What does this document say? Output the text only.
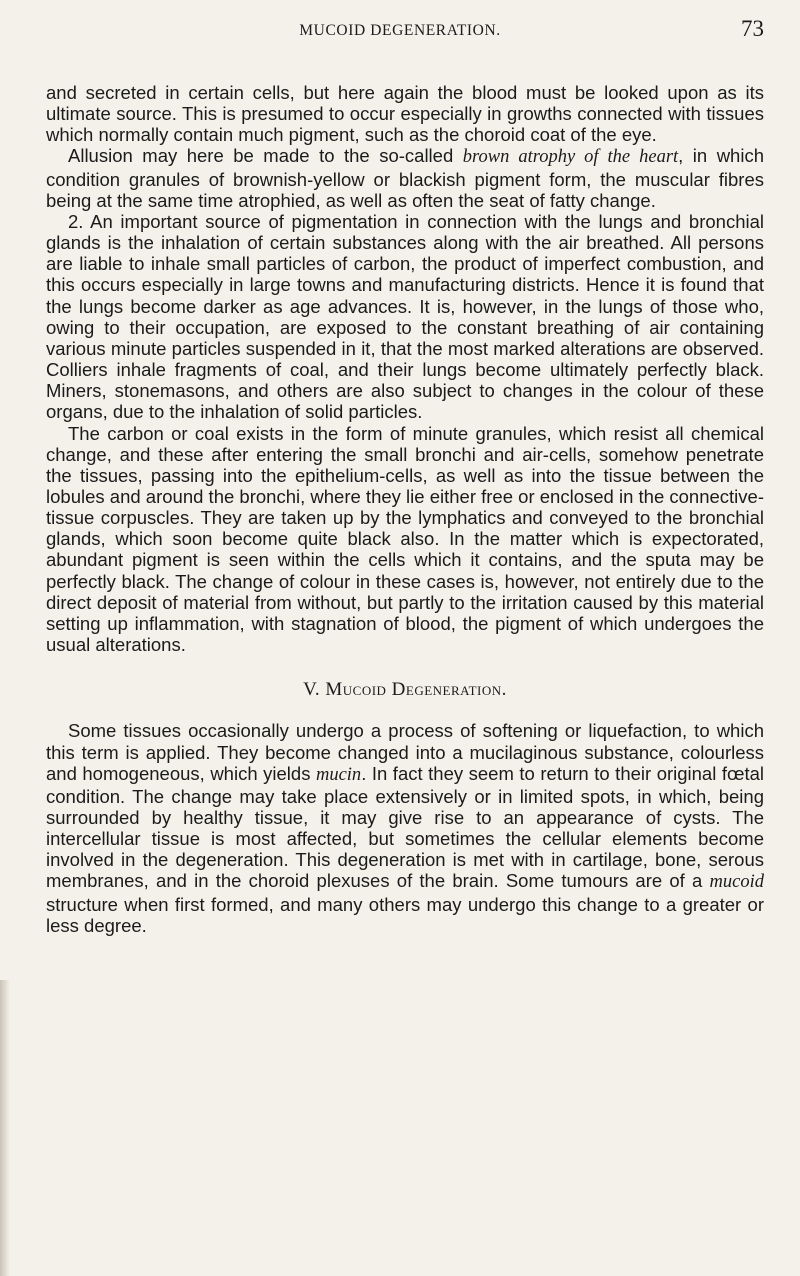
MUCOID DEGENERATION.	73

and secreted in certain cells, but here again the blood must be looked upon as its ultimate source. This is presumed to occur especially in growths connected with tissues which normally contain much pigment, such as the choroid coat of the eye.

Allusion may here be made to the so-called brown atrophy of the heart, in which condition granules of brownish-yellow or blackish pigment form, the muscular fibres being at the same time atrophied, as well as often the seat of fatty change.

2. An important source of pigmentation in connection with the lungs and bronchial glands is the inhalation of certain substances along with the air breathed. All persons are liable to inhale small particles of carbon, the product of imperfect combustion, and this occurs especially in large towns and manufacturing districts. Hence it is found that the lungs become darker as age advances. It is, however, in the lungs of those who, owing to their occupation, are exposed to the constant breathing of air containing various minute particles suspended in it, that the most marked alterations are observed. Colliers inhale fragments of coal, and their lungs become ultimately perfectly black. Miners, stonemasons, and others are also subject to changes in the colour of these organs, due to the inhalation of solid particles.

The carbon or coal exists in the form of minute granules, which resist all chemical change, and these after entering the small bronchi and air-cells, somehow penetrate the tissues, passing into the epithelium-cells, as well as into the tissue between the lobules and around the bronchi, where they lie either free or enclosed in the connective-tissue corpuscles. They are taken up by the lymphatics and conveyed to the bronchial glands, which soon become quite black also. In the matter which is expectorated, abundant pigment is seen within the cells which it contains, and the sputa may be perfectly black. The change of colour in these cases is, however, not entirely due to the direct deposit of material from without, but partly to the irritation caused by this material setting up inflammation, with stagnation of blood, the pigment of which undergoes the usual alterations.

V. Mucoid Degeneration.

Some tissues occasionally undergo a process of softening or liquefaction, to which this term is applied. They become changed into a mucilaginous substance, colourless and homogeneous, which yields mucin. In fact they seem to return to their original fœtal condition. The change may take place extensively or in limited spots, in which, being surrounded by healthy tissue, it may give rise to an appearance of cysts. The intercellular tissue is most affected, but sometimes the cellular elements become involved in the degeneration. This degeneration is met with in cartilage, bone, serous membranes, and in the choroid plexuses of the brain. Some tumours are of a mucoid structure when first formed, and many others may undergo this change to a greater or less degree.
